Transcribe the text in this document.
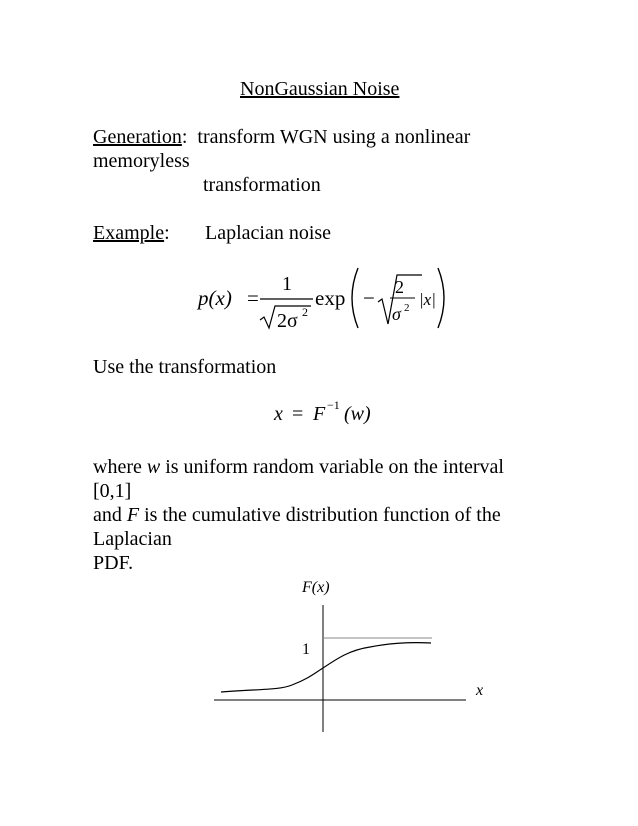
NonGaussian Noise
Generation: transform WGN using a nonlinear
memoryless
transformation
Example: Laplacian noise
p(x) =
1
2σ 2
exp − 2
σ 2 |x|
Use the transformation
x = F −1 (w)
where w is uniform random variable on the interval
[0,1]
and F is the cumulative distribution function of the
Laplacian
PDF.
F(x)
1
x
